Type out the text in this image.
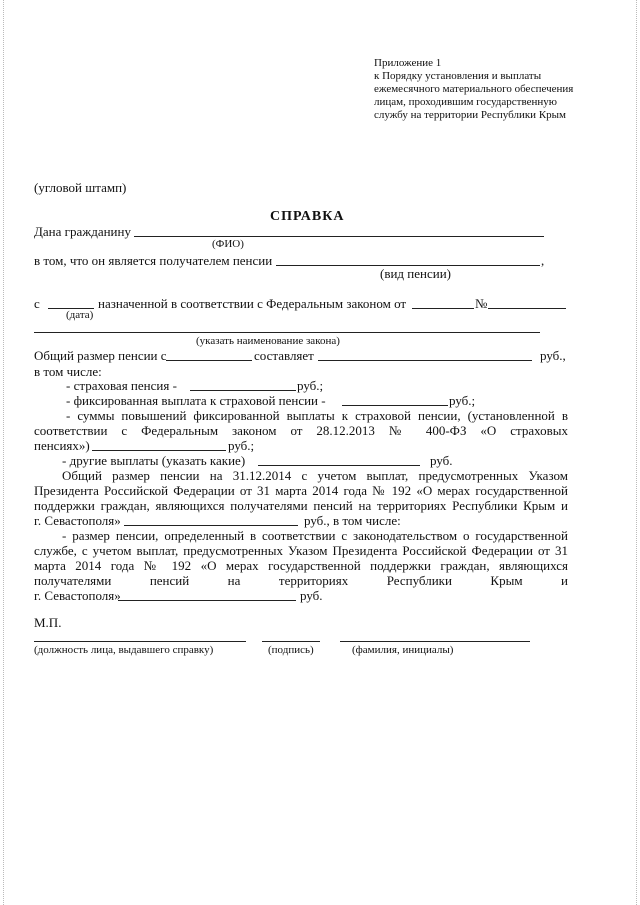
Приложение 1
к Порядку установления и выплаты
ежемесячного материального обеспечения
лицам, проходившим государственную
службу на территории Республики Крым
(угловой штамп)
СПРАВКА
Дана гражданину
(ФИО)
в том, что он является получателем пенсии	,
(вид пенсии)
с	назначенной в соответствии с Федеральным законом от	№
(дата)
(указать наименование закона)
Общий размер пенсии с	составляет	руб.,
в том числе:
- страховая пенсия -	руб.;
- фиксированная выплата к страховой пенсии -	руб.;
- суммы повышений фиксированной выплаты к страховой пенсии, (установленной в
соответствии с Федеральным законом от 28.12.2013 № 400-ФЗ «О страховых
пенсиях»)	руб.;
- другие выплаты (указать какие)	руб.
Общий размер пенсии на 31.12.2014 с учетом выплат, предусмотренных Указом
Президента Российской Федерации от 31 марта 2014 года № 192 «О мерах государственной
поддержки граждан, являющихся получателями пенсий на территориях Республики Крым и
г. Севастополя»	руб., в том числе:
- размер пенсии, определенный в соответствии с законодательством о государственной
службе, с учетом выплат, предусмотренных Указом Президента Российской Федерации от 31
марта 2014 года № 192 «О мерах государственной поддержки граждан, являющихся
получателями пенсий на территориях Республики Крым и
г. Севастополя»	руб.
М.П.
(должность лица, выдавшего справку)	(подпись)	(фамилия, инициалы)
